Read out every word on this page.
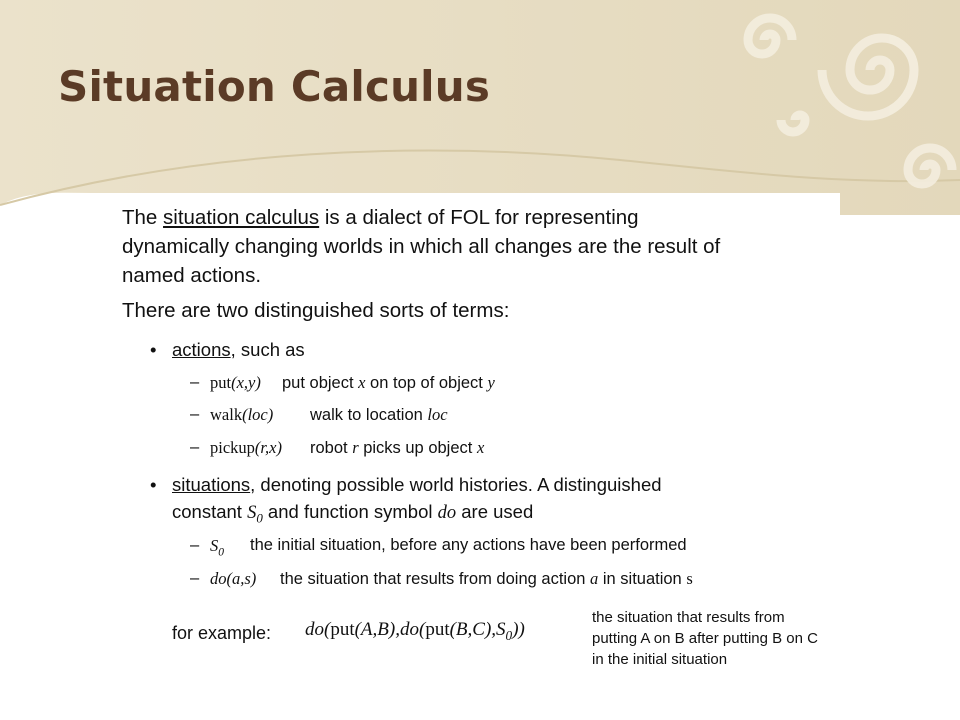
Situation Calculus
The situation calculus is a dialect of FOL for representing
dynamically changing worlds in which all changes are the result of
named actions.
There are two distinguished sorts of terms:
• actions, such as
– put(x,y) put object x on top of object y
– walk(loc) walk to location loc
– pickup(r,x) robot r picks up object x
• situations, denoting possible world histories. A distinguished
constant $S_0$ and function symbol do are used
– $S_0$ the initial situation, before any actions have been performed
– do(a,s) the situation that results from doing action a in situation s
for example: $do(put(A,B),do(put(B,C),S_0))$
the situation that results from putting A on B after putting B on C in the initial situation
